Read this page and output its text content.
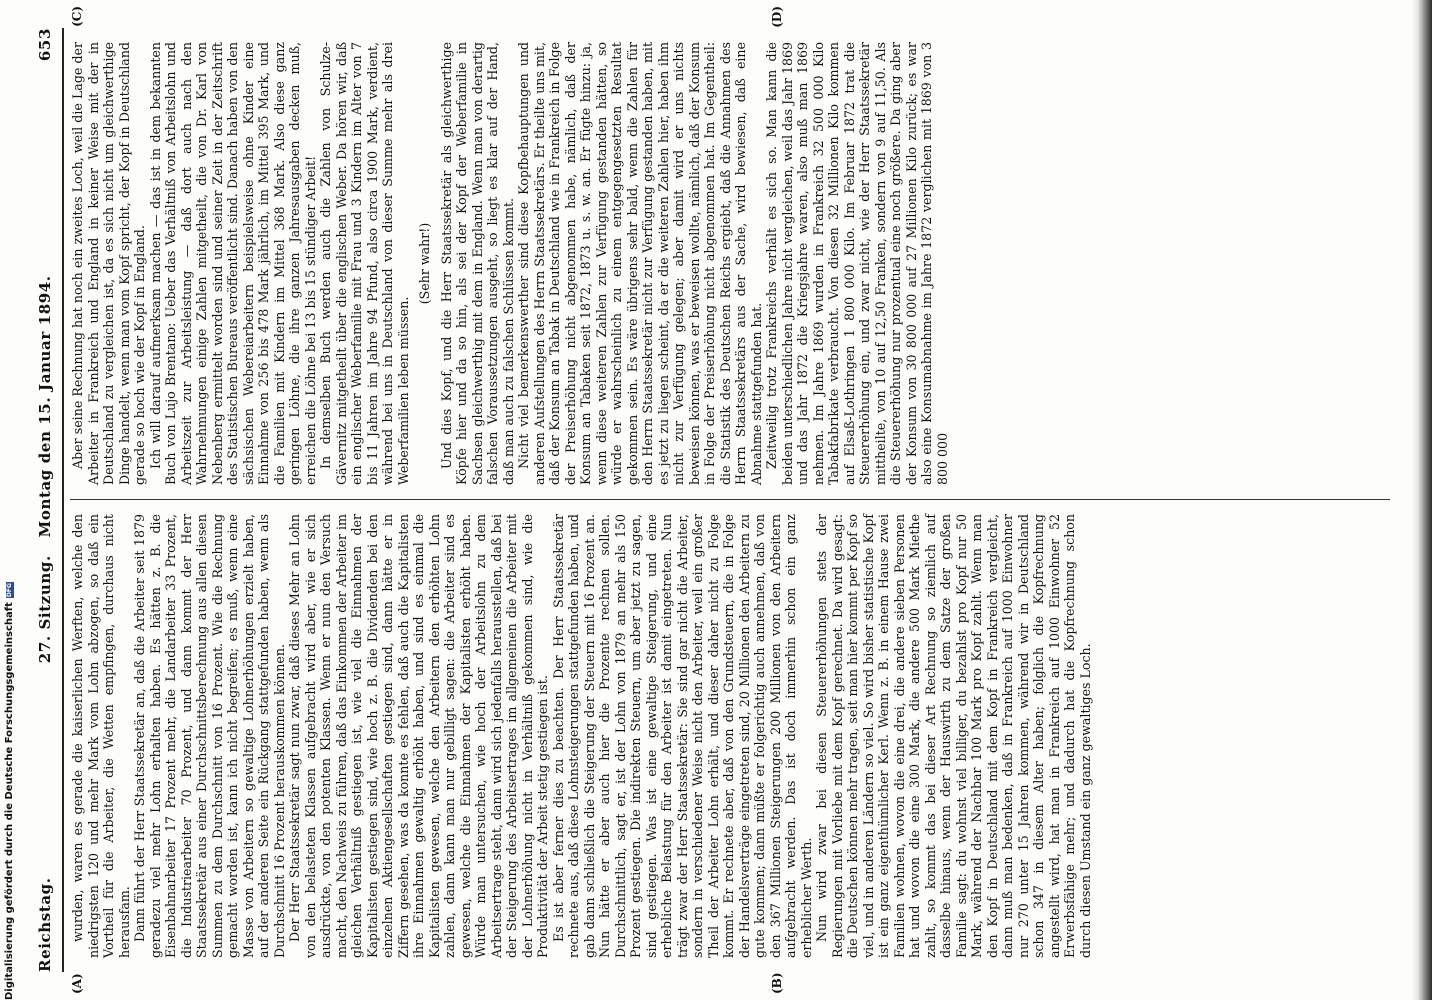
Reichstag.
27. Sitzung. Montag den 15. Januar 1894.
653
(A)	(B)

wurden, waren es gerade die kaiserlichen Werften, welche den niedrigsten 120 und mehr Mark vom Lohn abzogen, so daß ein Vortheil für die Arbeiter, die Wetten empfingen, durchaus nicht herausfam. Dann führt der Herr Staatssekretär an, daß die Arbeiter seit 1879 geradezu viel mehr Lohn erhalten haben. Es hätten z. B. die Eisenbahnarbeiter 17 Prozent mehr, die Landarbeiter 33 Prozent, die Industriearbeiter 70 Prozent, und dann kommt der Herr Staatssekretär aus einer Durchschnittsberechnung aus allen diesen Summen zu dem Durchschnitt von 16 Prozent. Wie die Rechnung gemacht worden ist, kann ich nicht begreifen; es muß, wenn eine Masse von Arbeitern so gewaltige Lohnerhöhungen erzielt haben, auf der anderen Seite ein Rückgang stattgefunden haben, wenn als Durchschnitt 16 Prozent herauskommen können. Der Herr Staatssekretär sagt nun zwar, daß dieses Mehr an Lohn von den belasteten Klassen aufgebracht wird aber, wie er sich ausdrückte, von den potenten Klassen. Wenn er nun den Versuch macht, den Nachweis zu führen, daß das Einkommen der Arbeiter im gleichen Verhältniß gestiegen ist, wie viel die Einnahmen der Kapitalisten gestiegen sind, wie hoch z. B. die Dividenden bei den einzelnen Aktiengesellschaften gestiegen sind, dann hätte er in Ziffern gesehen, was da konnte es fehlen, daß auch die Kapitalisten ihre Einnahmen gewaltig erhöht haben, und sind es einmal die Kapitalisten gewesen, welche den Arbeitern den erhöhten Lohn zahlen, dann kann man nur gebilligt sagen: die Arbeiter sind es gewesen, welche die Einnahmen der Kapitalisten erhöht haben. Würde man untersuchen, wie hoch der Arbeitslohn zu dem Arbeitsertrage steht, dann wird sich jedenfalls herausstellen, daß bei der Steigerung des Arbeitsertrages im allgemeinen die Arbeiter mit der Lohnerhöhung nicht in Verhältniß gekommen sind, wie die Produktivität der Arbeit stetig gestiegen ist. Es ist aber ferner dies zu beachten. Der Herr Staatssekretär rechnete aus, daß diese Lohnsteigerungen stattgefunden haben, und gab dann schließlich die Steigerung der Steuern mit 16 Prozent an. Nun hätte er aber auch hier die Prozente rechnen sollen. Durchschnittlich, sagt er, ist der Lohn von 1879 an mehr als 150 Prozent gestiegen. Die indirekten Steuern, um aber jetzt zu sagen, sind gestiegen. Was ist eine gewaltige Steigerung, und eine erhebliche Belastung für den Arbeiter ist damit eingetreten. Nun trägt zwar der Herr Staatssekretär: Sie sind gar nicht die Arbeiter, sondern in verschiedener Weise nicht den Arbeiter, weil ein großer Theil der Arbeiter Lohn erhält, und dieser daher nicht zu Folge kommt. Er rechnete aber, daß von den Grundsteuern, die in Folge der Handelsverträge eingetreten sind, 20 Millionen den Arbeitern zu gute kommen; dann müßte er folgerichtig auch annehmen, daß von den 367 Millionen Steigerungen 200 Millionen von den Arbeitern aufgebracht werden. Das ist doch immerhin schon ein ganz erheblicher Werth. Nun wird zwar bei diesen Steuererhöhungen stets der Regierungen mit Vorliebe mit dem Kopf gerechnet. Da wird gesagt: die Deutschen können mehr tragen, seit man hier kommt per Kopf so viel, und in anderen Ländern so viel. So wird bisher statistische Kopf ist ein ganz eigenthümlicher Kerl. Wenn z. B. in einem Hause zwei Familien wohnen, wovon die eine drei, die andere sieben Personen hat und wovon die eine 300 Mark, die andere 500 Mark Miethe zahlt, so kommt das bei dieser Art Rechnung so ziemlich auf dasselbe hinaus, wenn der Hauswirth zu dem Satze der großen Familie sagt: du wohnst viel billiger, du bezahlst pro Kopf nur 50 Mark, während der Nachbar 100 Mark pro Kopf zahlt. Wenn man den Kopf in Deutschland mit dem Kopf in Frankreich vergleicht, dann muß man bedenken, daß in Frankreich auf 1000 Einwohner nur 270 unter 15 Jahren kommen, während wir in Deutschland schon 347 in diesem Alter haben; folglich die Kopfrechnung angestellt wird, hat man in Frankreich auf 1000 Einwohner 52 Erwerbsfähige mehr; und dadurch hat die Kopfrechnung schon durch diesen Umstand ein ganz gewaltiges Loch.

(C)	(D)

Aber seine Rechnung hat noch ein zweites Loch, weil die Lage der Arbeiter in Frankreich und England in keiner Weise mit der in Deutschland zu vergleichen ist, da es sich nicht um gleichwerthige Dinge handelt, wenn man vom Kopf spricht, der Kopf in Deutschland gerade so hoch wie der Kopf in England. Ich will darauf aufmerksam machen — das ist in dem bekannten Buch von Lujo Brentano: Ueber das Verhältniß von Arbeitslohn und Arbeitszeit zur Arbeitsleistung — daß dort auch nach den Wahrnehmungen einige Zahlen mitgetheilt, die von Dr. Karl von Nebenberg ermittelt worden sind und seiner Zeit in der Zeitschrift des Statistischen Bureaus veröffentlicht sind. Danach haben von den sächsischen Webereiarbeitern beispielsweise ohne Kinder eine Einnahme von 256 bis 478 Mark jährlich, im Mittel 395 Mark, und die Familien mit Kindern im Mittel 368 Mark. Also diese ganz geringen Löhne, die ihre ganzen Jahresausgaben decken muß, erreichen die Löhne bei 13 bis 15 stündiger Arbeit! In demselben Buch werden auch die Zahlen von Schulze-Gävernitz mitgetheilt über die englischen Weber. Da hören wir, daß ein englischer Weberfamilie mit Frau und 3 Kindern im Alter von 7 bis 11 Jahren im Jahre 94 Pfund, also circa 1900 Mark, verdient, während bei uns in Deutschland von dieser Summe mehr als drei Weberfamilien leben müssen.

(Sehr wahr!) Und dies Kopf, und die Herr Staatssekretär als gleichwerthige Köpfe hier und da so hin, als sei der Kopf der Weberfamilie in Sachsen gleichwerthig mit dem in England. Wenn man von derartig falschen Voraussetzungen ausgeht, so liegt es klar auf der Hand, daß man auch zu falschen Schlüssen kommt. Nicht viel bemerkenswerther sind diese Kopfbehauptungen und anderen Aufstellungen des Herrn Staatssekretärs. Er theilte uns mit, daß der Konsum an Tabak in Deutschland wie in Frankreich in Folge der Preiserhöhung nicht abgenommen habe, nämlich, daß der Konsum an Tabaken seit 1872, 1873 u. s. w. an. Er fügte hinzu: ja, wenn diese weiteren Zahlen zur Verfügung gestanden hätten, so würde er wahrscheinlich zu einem entgegengesetzten Resultat gekommen sein. Es wäre übrigens sehr bald, wenn die Zahlen für den Herrn Staatssekretär nicht zur Verfügung gestanden haben, mit es jetzt zu liegen scheint, da er die weiteren Zahlen hier, haben ihm nicht zur Verfügung gelegen; aber damit wird er uns nichts beweisen können, was er beweisen wollte, nämlich, daß der Konsum in Folge der Preiserhöhung nicht abgenommen hat. Im Gegentheil: die Statistik des Deutschen Reichs ergiebt, daß die Annahmen des Herrn Staatssekretärs aus der Sache, wird bewiesen, daß eine Abnahme stattgefunden hat. Zeitweilig trotz Frankreichs verhält es sich so. Man kann die beiden unterschiedlichen Jahre nicht vergleichen, weil das Jahr 1869 und das Jahr 1872 die Kriegsjahre waren, also muß man 1869 nehmen. Im Jahre 1869 wurden in Frankreich 32 500 000 Kilo Tabakfabrikate verbraucht. Von diesen 32 Millionen Kilo kommen auf Elsaß-Lothringen 1 800 000 Kilo. Im Februar 1872 trat die Steuererhöhung ein, und zwar nicht, wie der Herr Staatssekretär mittheilte, von 10 auf 12,50 Franken, sondern von 9 auf 11,50. Als die Steuererhöhung nur prozentual eine noch größere. Da ging aber der Konsum von 30 800 000 auf 27 Millionen Kilo zurück; es war also eine Konsumabnahme im Jahre 1872 verglichen mit 1869 von 3 800 000

Digitalisierung gefördert durch die Deutsche Forschungsgemeinschaft
DFG
